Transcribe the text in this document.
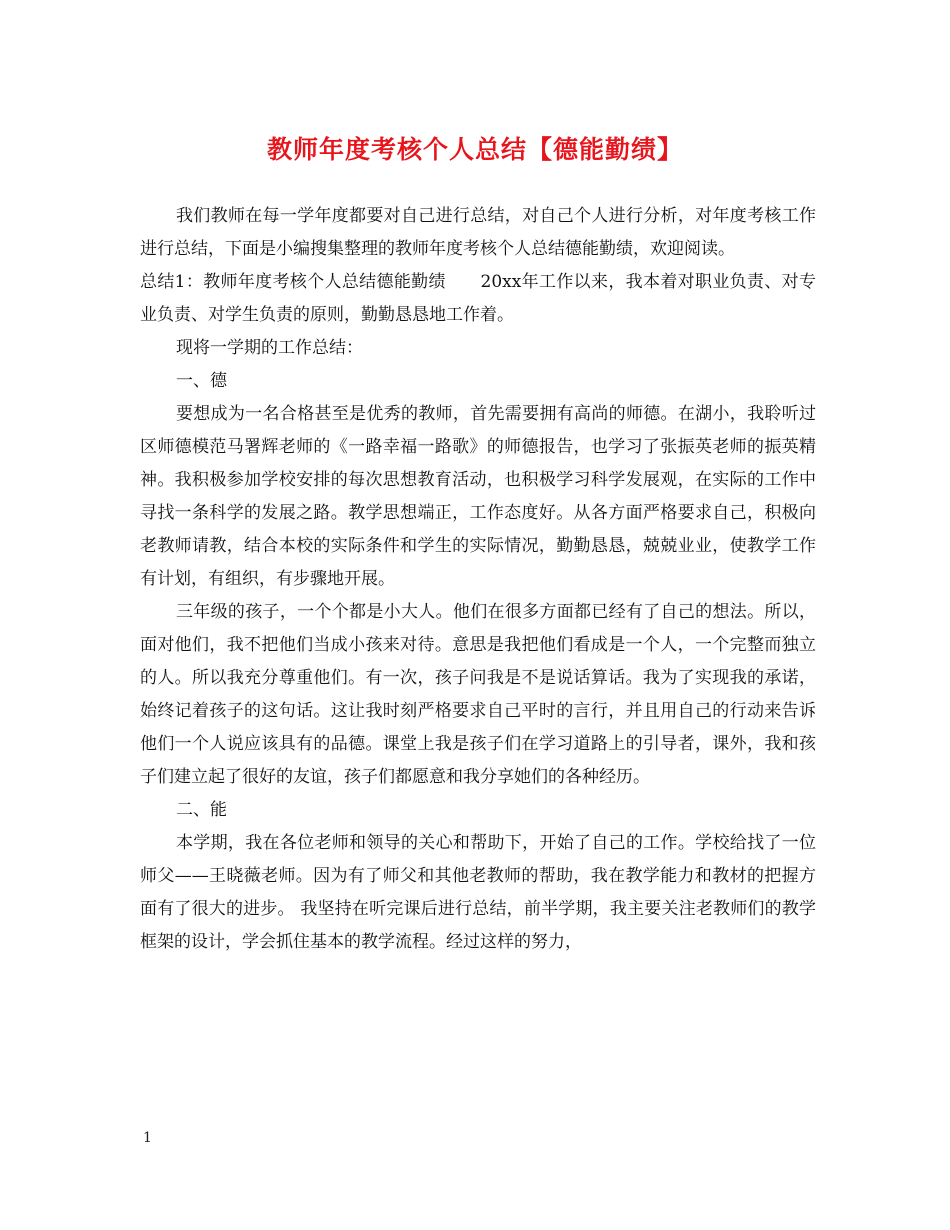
教师年度考核个人总结【德能勤绩】

我们教师在每一学年度都要对自己进行总结，对自己个人进行分析，对年度考核工作进行总结，下面是小编搜集整理的教师年度考核个人总结德能勤绩，欢迎阅读。

总结1：教师年度考核个人总结德能勤绩　　20xx年工作以来，我本着对职业负责、对专业负责、对学生负责的原则，勤勤恳恳地工作着。

现将一学期的工作总结：

一、德

要想成为一名合格甚至是优秀的教师，首先需要拥有高尚的师德。在湖小，我聆听过区师德模范马署辉老师的《一路幸福一路歌》的师德报告，也学习了张振英老师的振英精神。我积极参加学校安排的每次思想教育活动，也积极学习科学发展观，在实际的工作中寻找一条科学的发展之路。教学思想端正，工作态度好。从各方面严格要求自己，积极向老教师请教，结合本校的实际条件和学生的实际情况，勤勤恳恳，兢兢业业，使教学工作有计划，有组织，有步骤地开展。

三年级的孩子，一个个都是小大人。他们在很多方面都已经有了自己的想法。所以，面对他们，我不把他们当成小孩来对待。意思是我把他们看成是一个人，一个完整而独立的人。所以我充分尊重他们。有一次，孩子问我是不是说话算话。我为了实现我的承诺，始终记着孩子的这句话。这让我时刻严格要求自己平时的言行，并且用自己的行动来告诉他们一个人说应该具有的品德。课堂上我是孩子们在学习道路上的引导者，课外，我和孩子们建立起了很好的友谊，孩子们都愿意和我分享她们的各种经历。

二、能

本学期，我在各位老师和领导的关心和帮助下，开始了自己的工作。学校给找了一位师父——王晓薇老师。因为有了师父和其他老教师的帮助，我在教学能力和教材的把握方面有了很大的进步。 我坚持在听完课后进行总结，前半学期，我主要关注老教师们的教学框架的设计，学会抓住基本的教学流程。经过这样的努力，

1
